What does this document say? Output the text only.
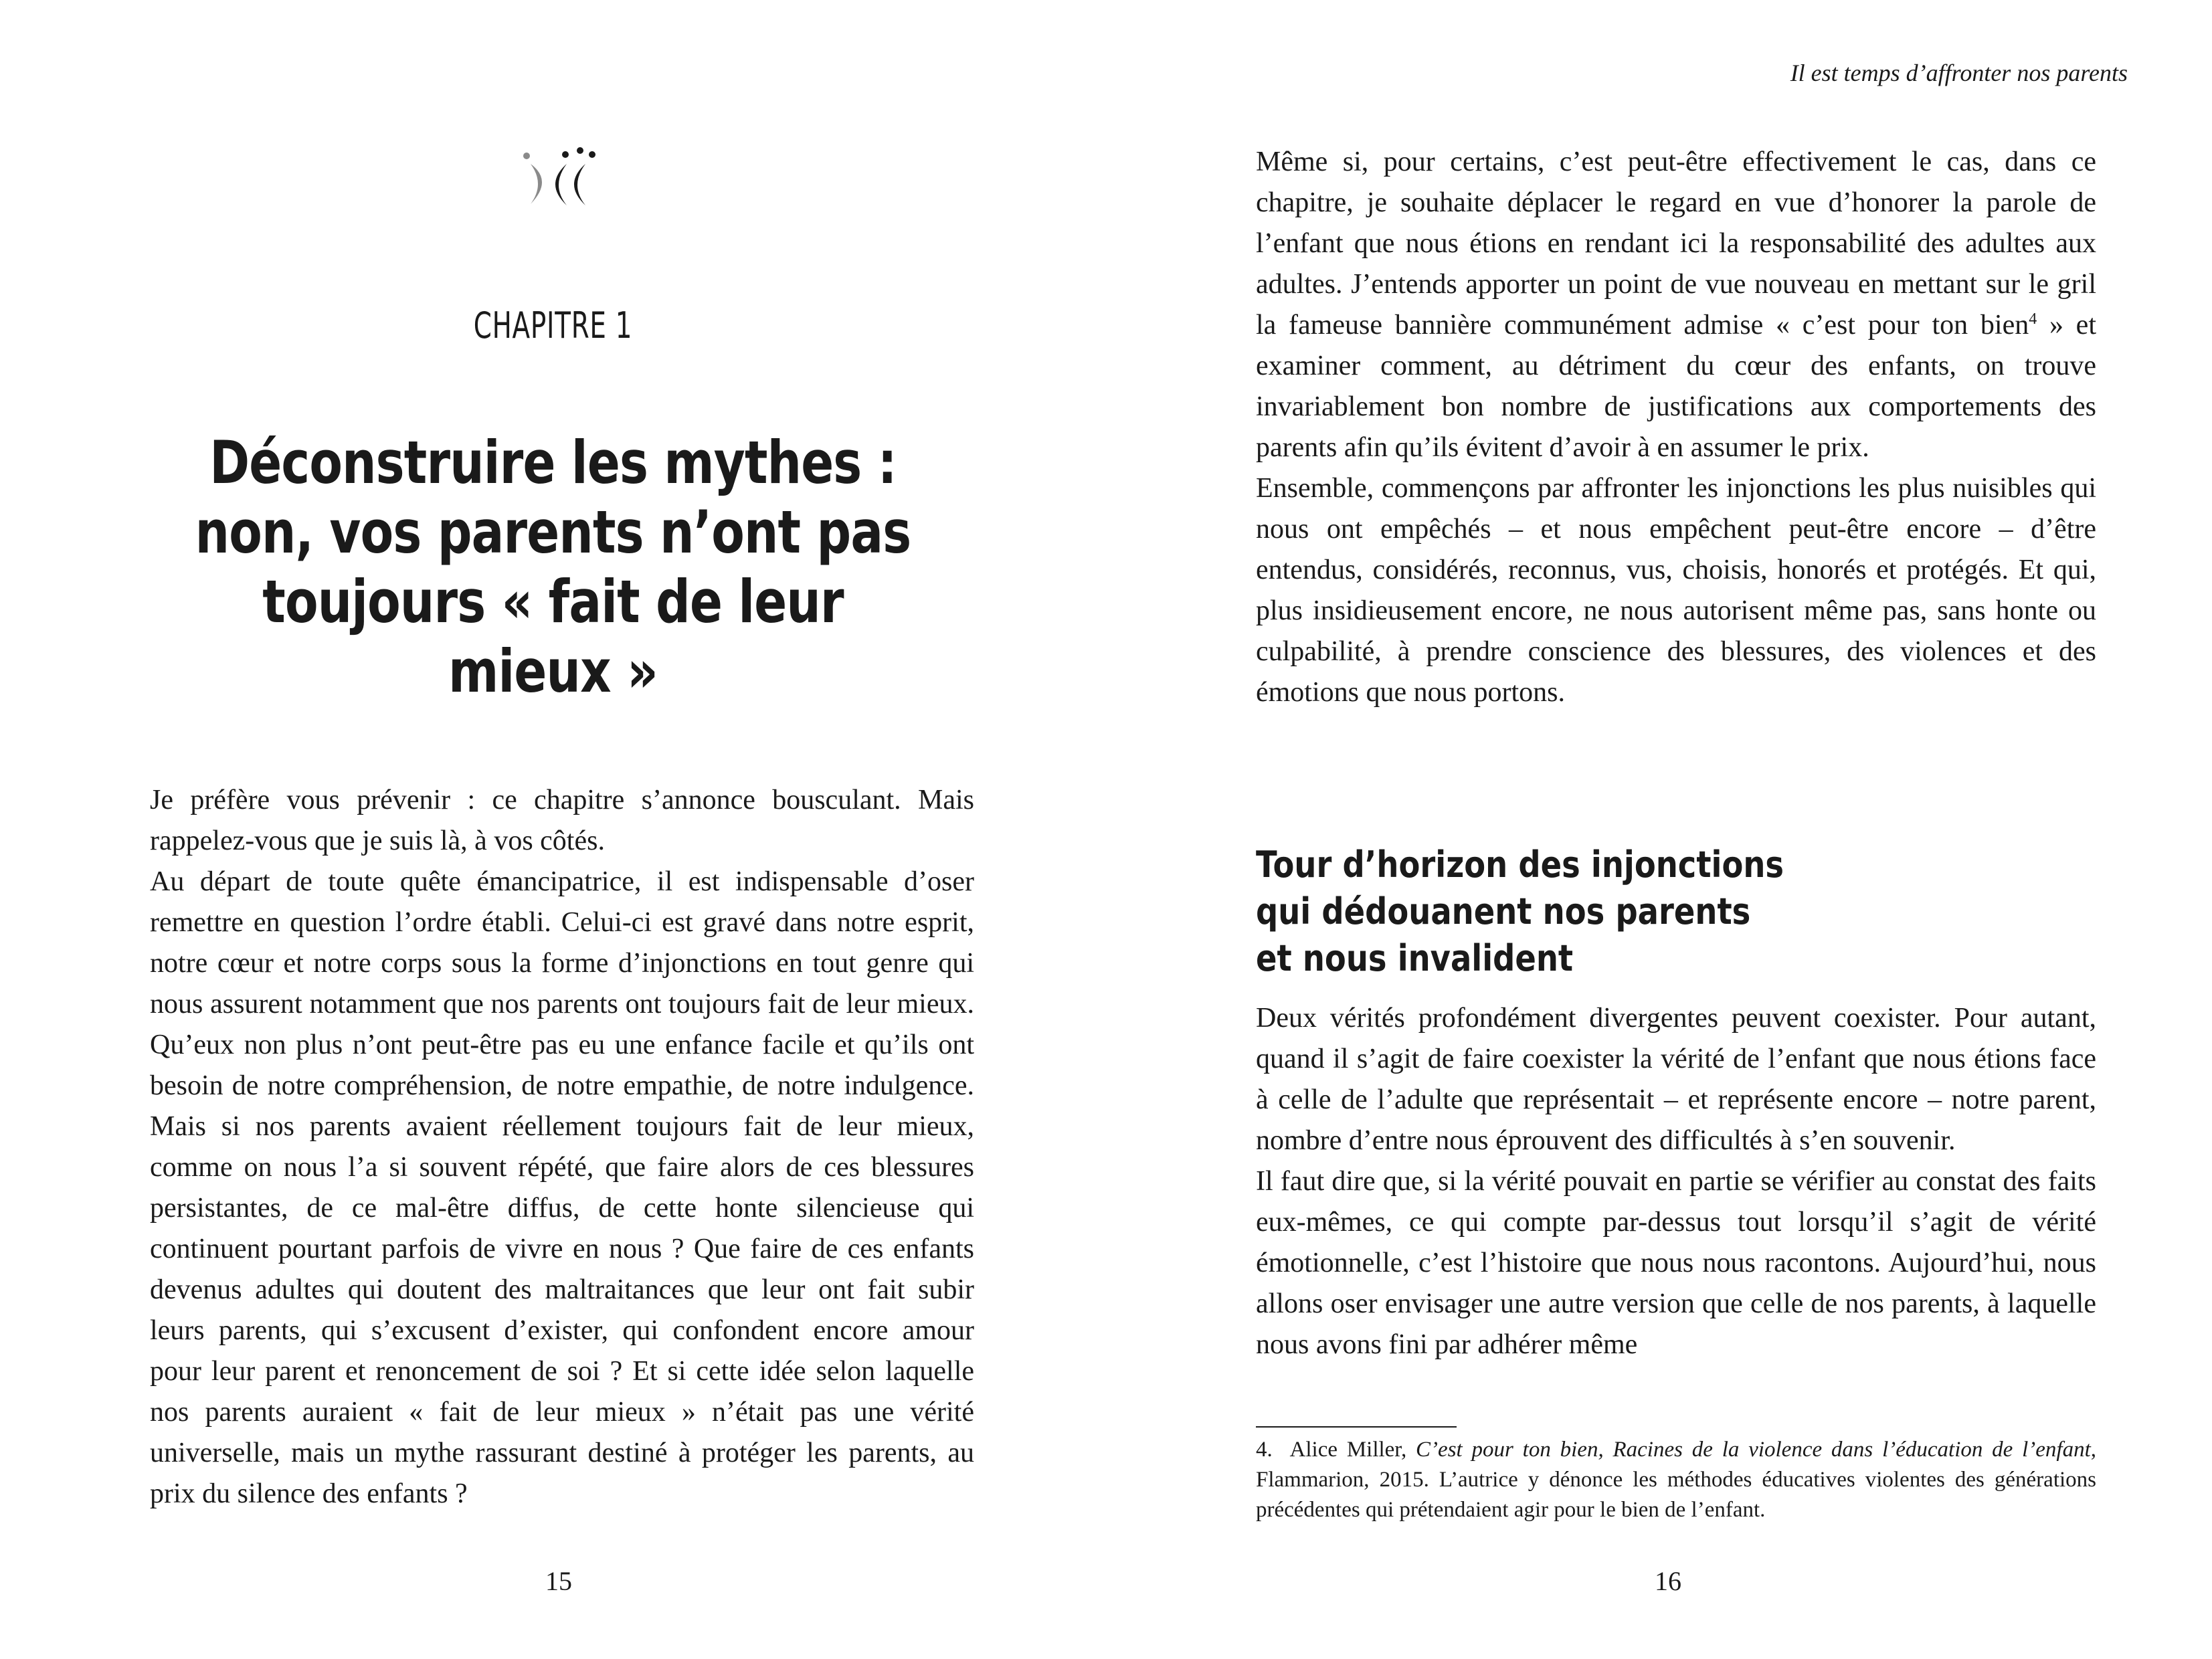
CHAPITRE 1
Déconstruire les mythes :
non, vos parents n’ont pas
toujours « fait de leur mieux »

Je préfère vous prévenir : ce chapitre s’annonce bousculant. Mais rappelez-vous que je suis là, à vos côtés.

Au départ de toute quête émancipatrice, il est indispensable d’oser remettre en question l’ordre établi. Celui-ci est gravé dans notre esprit, notre cœur et notre corps sous la forme d’injonctions en tout genre qui nous assurent notamment que nos parents ont toujours fait de leur mieux. Qu’eux non plus n’ont peut-être pas eu une enfance facile et qu’ils ont besoin de notre compréhension, de notre empathie, de notre indulgence. Mais si nos parents avaient réellement toujours fait de leur mieux, comme on nous l’a si souvent répété, que faire alors de ces blessures persistantes, de ce mal-être diffus, de cette honte silencieuse qui continuent pourtant parfois de vivre en nous ? Que faire de ces enfants devenus adultes qui doutent des maltraitances que leur ont fait subir leurs parents, qui s’excusent d’exister, qui confondent encore amour pour leur parent et renoncement de soi ? Et si cette idée selon laquelle nos parents auraient « fait de leur mieux » n’était pas une vérité universelle, mais un mythe rassurant destiné à protéger les parents, au prix du silence des enfants ?

15
Il est temps d’affronter nos parents

Même si, pour certains, c’est peut-être effectivement le cas, dans ce chapitre, je souhaite déplacer le regard en vue d’honorer la parole de l’enfant que nous étions en rendant ici la responsabilité des adultes aux adultes. J’entends apporter un point de vue nouveau en mettant sur le gril la fameuse bannière communément admise « c’est pour ton bien$^4$ » et examiner comment, au détriment du cœur des enfants, on trouve invariablement bon nombre de justifications aux comportements des parents afin qu’ils évitent d’avoir à en assumer le prix.

Ensemble, commençons par affronter les injonctions les plus nuisibles qui nous ont empêchés – et nous empêchent peut-être encore – d’être entendus, considérés, reconnus, vus, choisis, honorés et protégés. Et qui, plus insidieusement encore, ne nous autorisent même pas, sans honte ou culpabilité, à prendre conscience des blessures, des violences et des émotions que nous portons.

Tour d’horizon des injonctions
qui dédouanent nos parents
et nous invalident

Deux vérités profondément divergentes peuvent coexister. Pour autant, quand il s’agit de faire coexister la vérité de l’enfant que nous étions face à celle de l’adulte que représentait – et représente encore – notre parent, nombre d’entre nous éprouvent des difficultés à s’en souvenir.

Il faut dire que, si la vérité pouvait en partie se vérifier au constat des faits eux-mêmes, ce qui compte par-dessus tout lorsqu’il s’agit de vérité émotionnelle, c’est l’histoire que nous nous racontons. Aujourd’hui, nous allons oser envisager une autre version que celle de nos parents, à laquelle nous avons fini par adhérer même

4. Alice Miller, C’est pour ton bien, Racines de la violence dans l’éducation de l’enfant, Flammarion, 2015. L’autrice y dénonce les méthodes éducatives violentes des générations précédentes qui prétendaient agir pour le bien de l’enfant.
16
